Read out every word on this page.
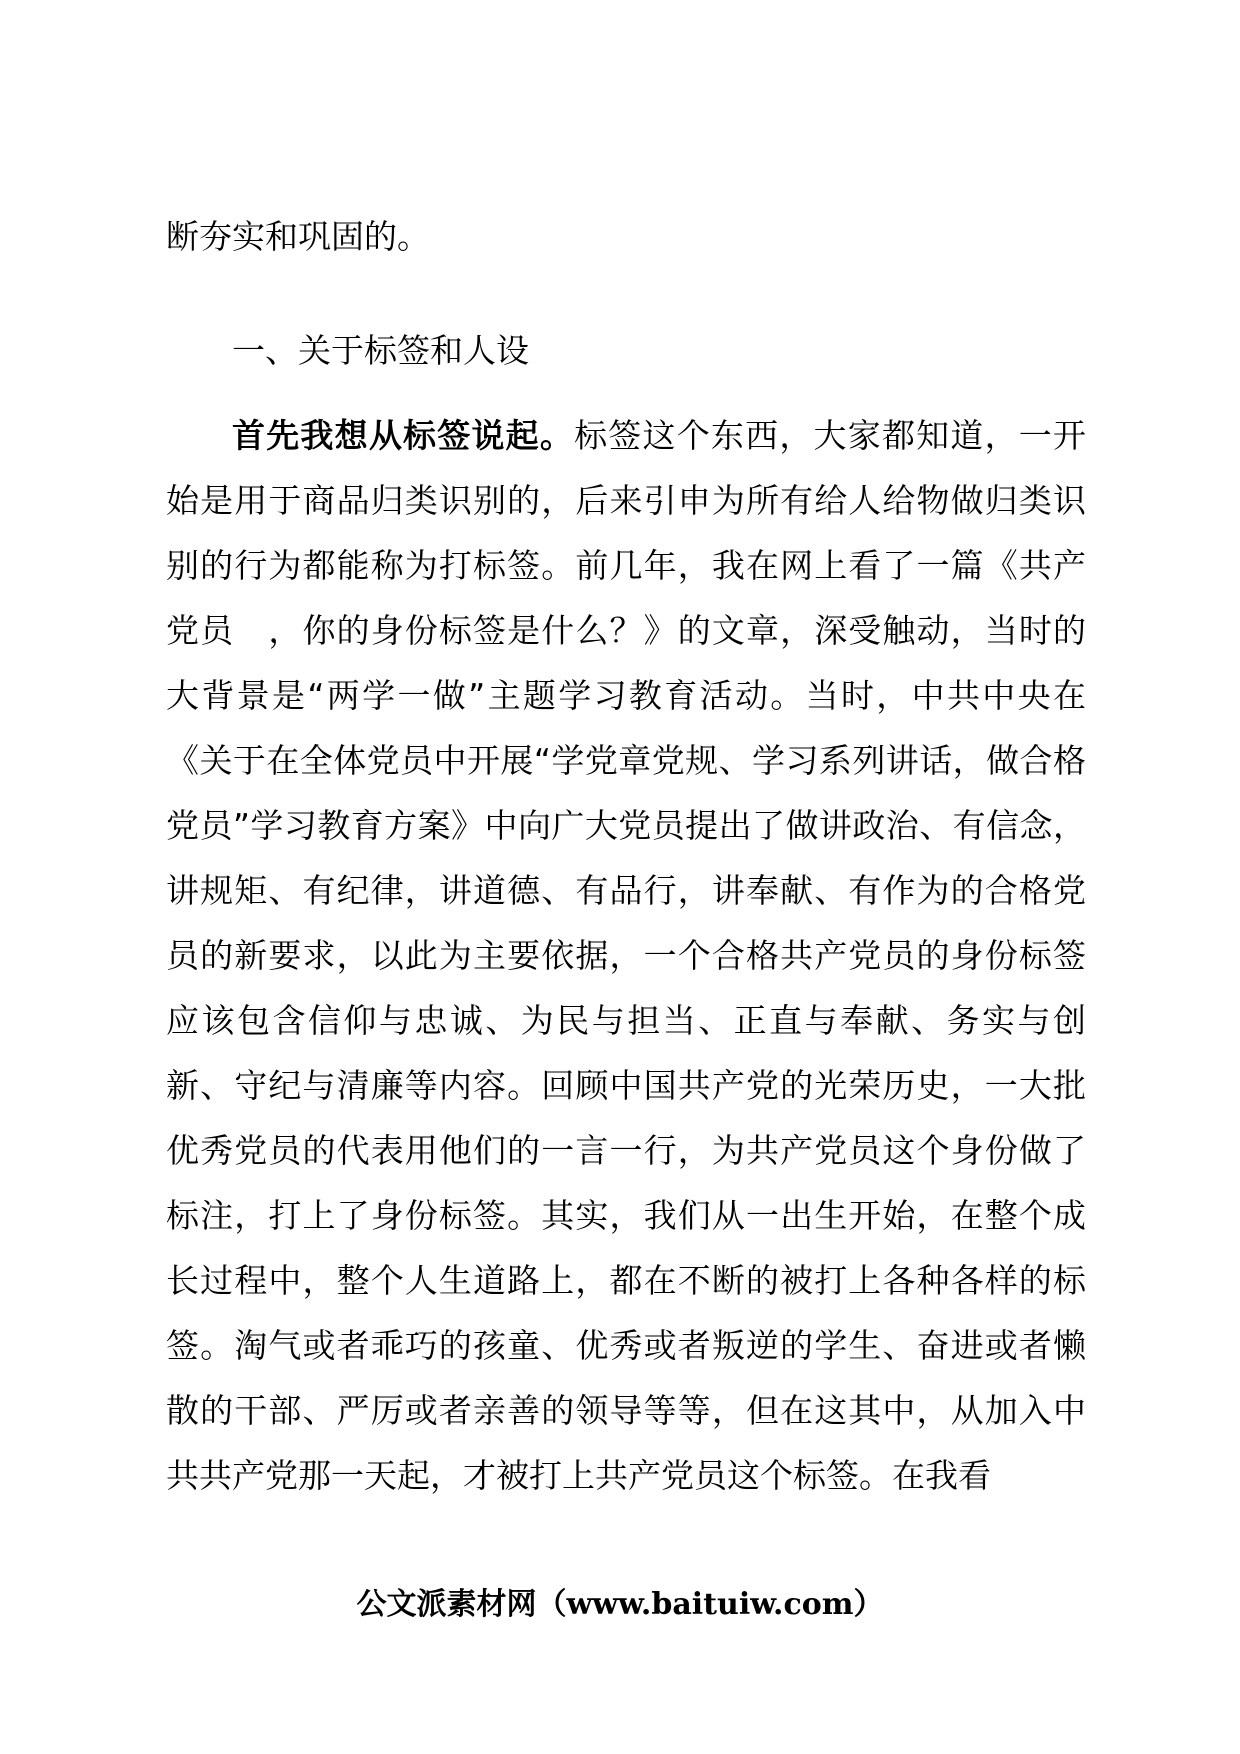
断夯实和巩固的。
一、关于标签和人设
首先我想从标签说起。标签这个东西，大家都知道，一开始是用于商品归类识别的，后来引申为所有给人给物做归类识别的行为都能称为打标签。前几年，我在网上看了一篇《共产党员　，你的身份标签是什么？》的文章，深受触动，当时的大背景是“两学一做”主题学习教育活动。当时，中共中央在《关于在全体党员中开展“学党章党规、学习系列讲话，做合格党员”学习教育方案》中向广大党员提出了做讲政治、有信念，讲规矩、有纪律，讲道德、有品行，讲奉献、有作为的合格党员的新要求，以此为主要依据，一个合格共产党员的身份标签应该包含信仰与忠诚、为民与担当、正直与奉献、务实与创新、守纪与清廉等内容。回顾中国共产党的光荣历史，一大批优秀党员的代表用他们的一言一行，为共产党员这个身份做了标注，打上了身份标签。其实，我们从一出生开始，在整个成长过程中，整个人生道路上，都在不断的被打上各种各样的标签。淘气或者乖巧的孩童、优秀或者叛逆的学生、奋进或者懒散的干部、严厉或者亲善的领导等等，但在这其中，从加入中共共产党那一天起，才被打上共产党员这个标签。在我看
公文派素材网（www.baituiw.com）
